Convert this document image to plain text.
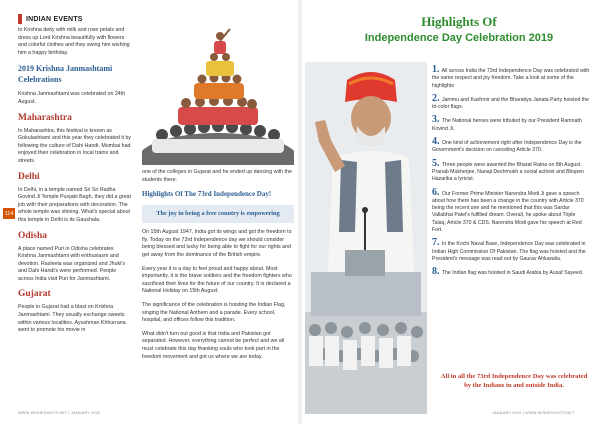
INDIAN EVENTS
114

to Krishna deity with milk and rose petals and dress up Lord Krishna beautifully with flowers and colorful clothes and they swing him wishing him a happy birthday.

2019 Krishna Janmashtami Celebrations

Krishna Janmashtami was celebrated on 24th August.

Maharashtra

In Maharashtra, this festival is known as Gokulashtami and this year they celebrated it by following the culture of Dahi Handi. Mumbai had enjoyed their celebration in local trains and streets.

Delhi

In Delhi, in a temple named Sri Sri Radha Govind Ji Temple Punjabi Bagh, they did a great job with their preparations with decoration. The whole temple was shining. What's special about this temple in Delhi is its Gaushala.

Odisha

A place named Puri in Odisha celebrates Krishna Janmashtami with enthusiasm and devotion. Rasleela was organized and Jhuki's and Dahi Handi's were performed. People across India visit Puri for Janmashtami.

Gujarat

People in Gujarat had a blast on Krishna Janmashtami. They usually exchange sweets within various localities. Ayushman Khhurrana went to promote his movie in

one of the colleges in Gujarat and he ended up dancing with the students there.

Highlights Of The 73rd Independence Day!
The joy in being a free country is empowering

On 15th August 1947, India got its wings and got the freedom to fly. Today on the 73rd Independence day we should consider being blessed and lucky for being able to fight for our rights and get away from the dominance of the British empire.

Every year it is a day to feel proud and happy about. Most importantly, it is the brave soldiers and the freedom fighters who sacrificed their lives for the future of our country. It is declared a National Holiday on 15th August.

The significance of the celebration is hoisting the Indian Flag, singing the National Anthem and a parade. Every school, hospital, and offices follow this tradition.

What didn't turn out good is that India and Pakistan got separated. However, everything cannot be perfect and we all must celebrate this day thanking souls who took part in the freedom movement and got us where we are today.

WWW.WISHESHOTS.NET | JANUARY 2020
Highlights Of
Independence Day Celebration 2019

1. All across India the 73rd Independence Day was celebrated with the same respect and joy freedom. Take a look at some of the highlights

2. Jammu and Kashmir and the Bharatiya Janata Party hoisted the tri-color flags.

3. The National heroes were tributed by our President Ramnath Kovind Ji.

4. One kind of achievement right after Independence Day is the Government's decision on canceling Article 370.

5. Three people were awarded the Bharat Ratna on 8th August. Pranab Mukherjee, Nanaji Deshmukh a social activist and Bhupen Hazarika a lyricist.

6. Our Former Prime Minister Narendra Modi Ji gave a speech about how there has been a change in the country with Article 370 being the recent one and he mentioned that this was Sardar Vallabhai Patel's fulfilled dream. Overall, he spoke about Triple Talaq, Article 370 & CDS. Narendra Modi gave his speech at Red Fort.

7. In the Kochi Naval Base, Independence Day was celebrated in Indian High Commission Of Pakistan. The flag was hoisted and the President's message was read out by Gaurav Ahluwalia.

8. The Indian flag was hoisted in Saudi Arabia by Ausaf Sayeed.

All in all the 73rd Independence Day was celebrated by the Indians in and outside India.
JANUARY 2020 | WWW.WISHESHOTS.NET
